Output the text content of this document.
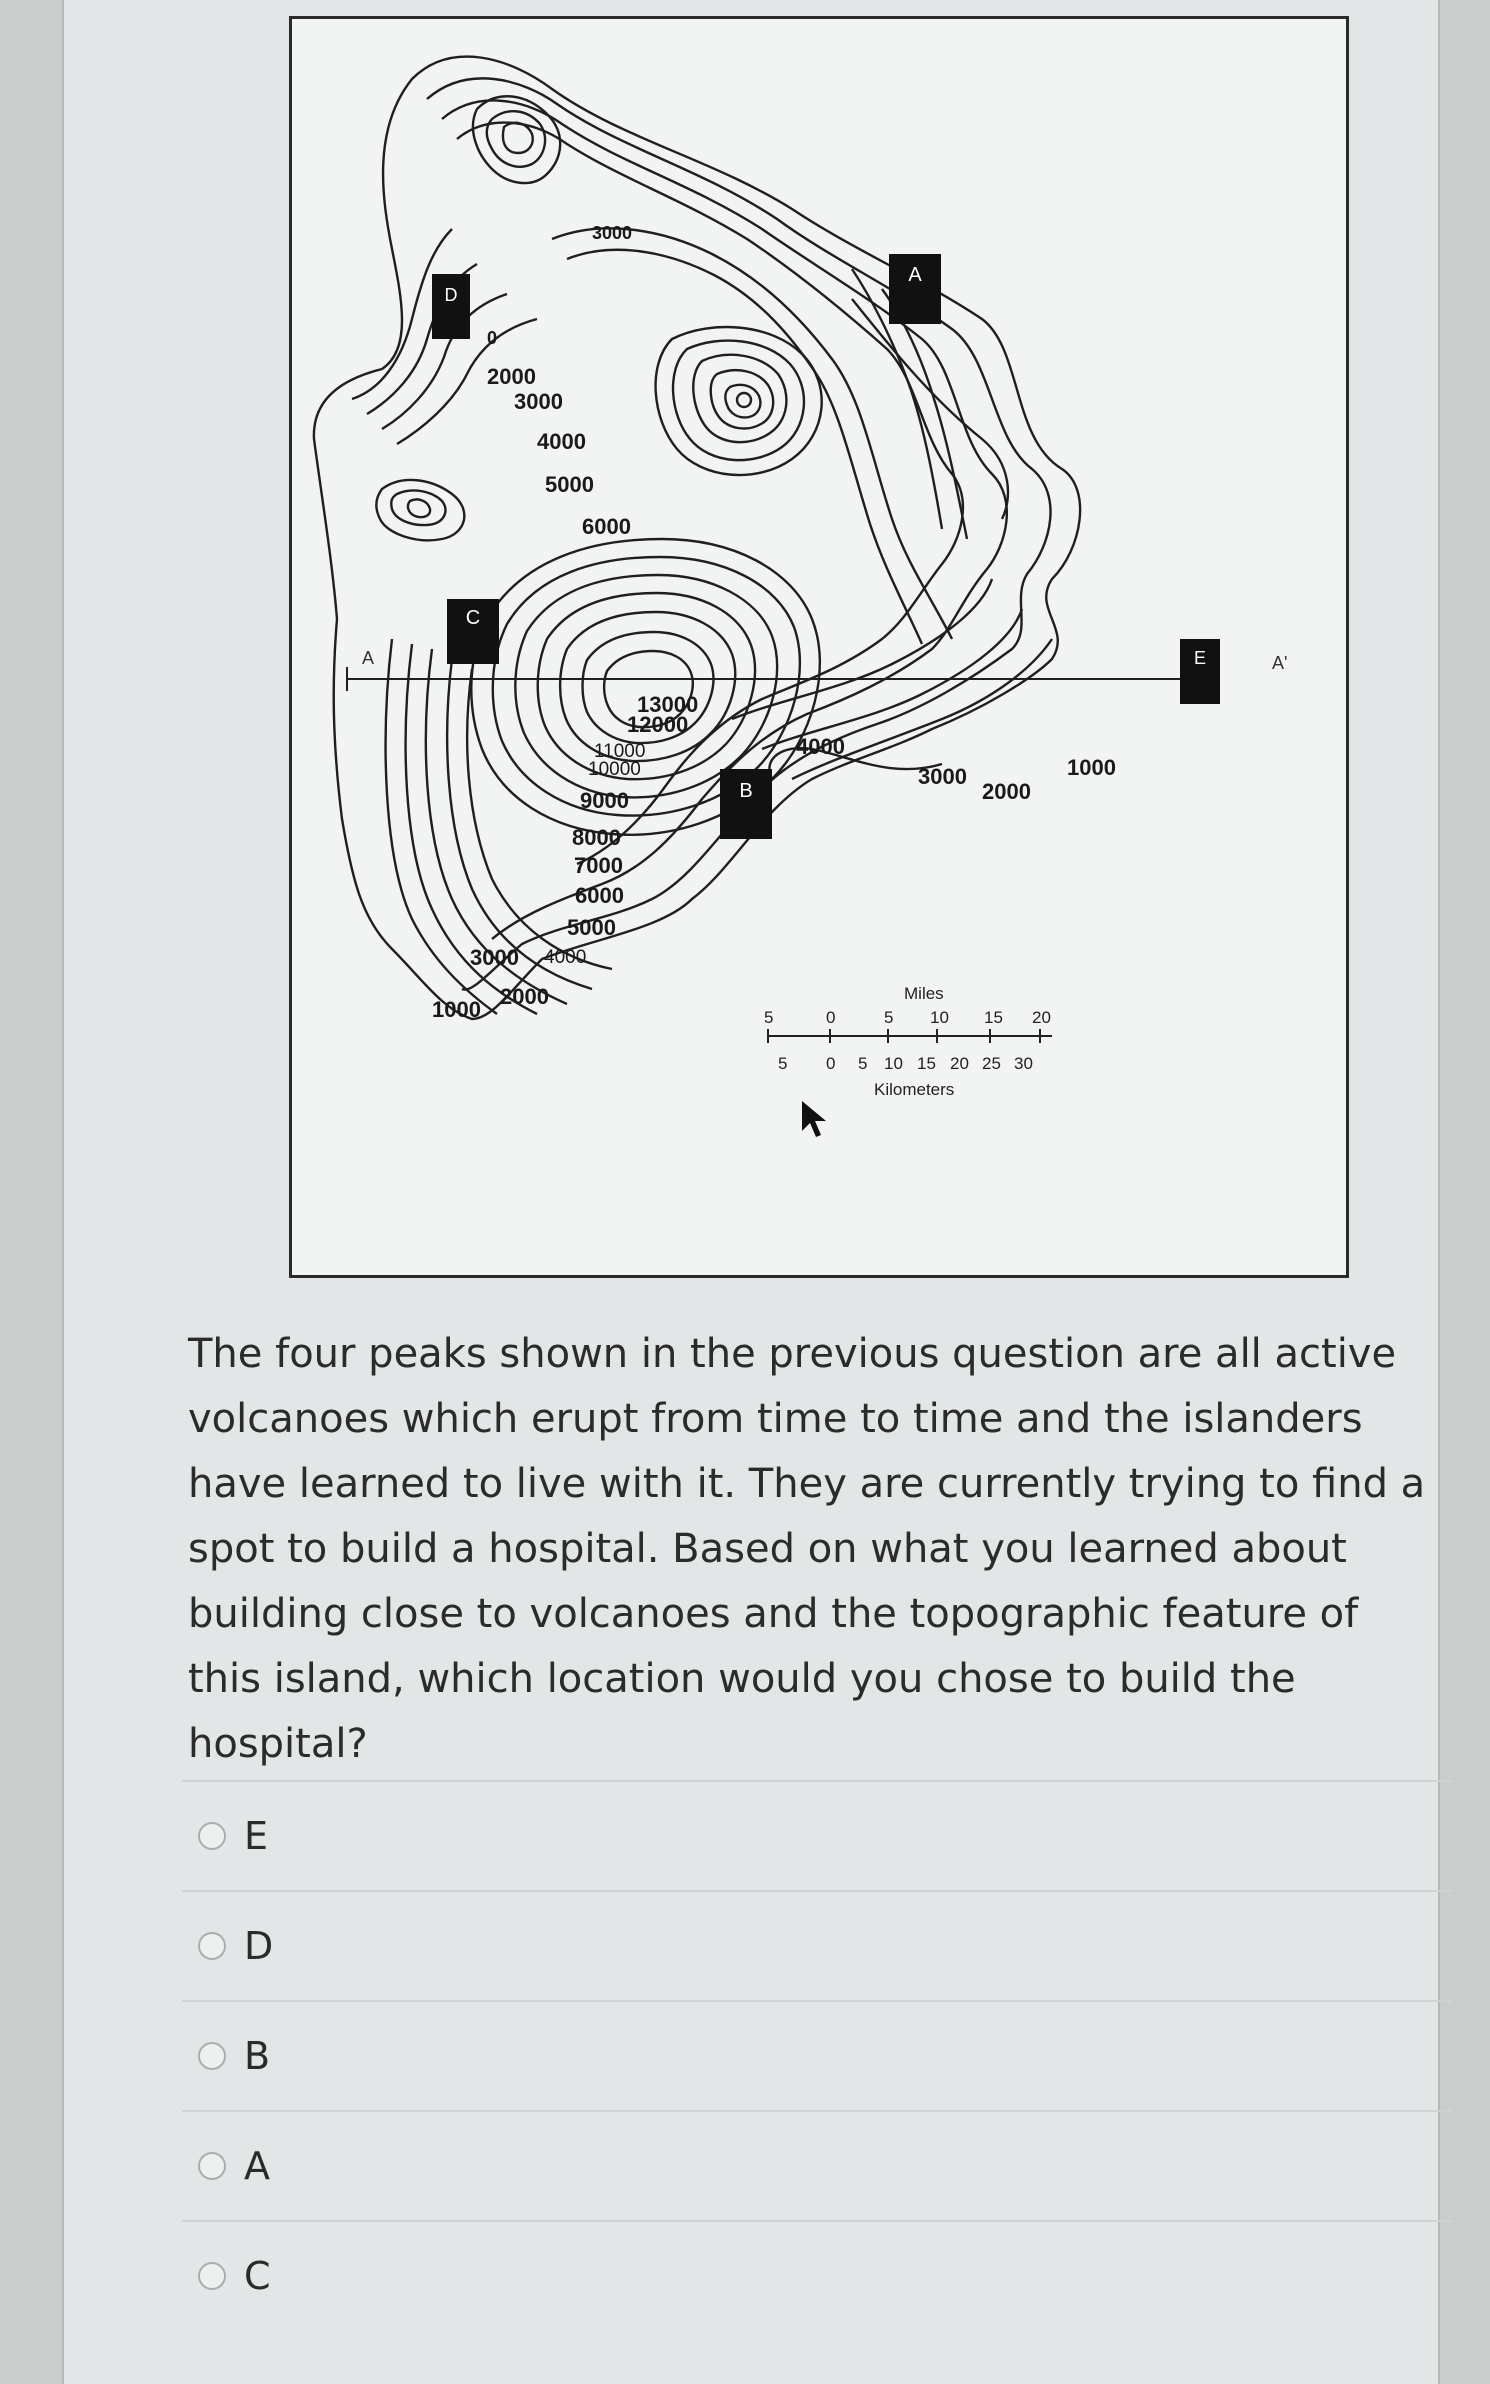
A
B
C
D
E
A	A'
3000
0
2000
3000
4000
5000
6000
13000
12000
11000
10000
9000
8000
7000
6000
5000
3000 4000
1000
2000
4000
3000
2000
1000
Miles
5	0	5 10 15 20
5 0 5 10 15 20 25 30
Kilometers

The four peaks shown in the previous question are all active volcanoes which erupt from time to time and the islanders have learned to live with it. They are currently trying to find a spot to build a hospital. Based on what you learned about building close to volcanoes and the topographic feature of this island, which location would you chose to build the hospital?

E
D
B
A
C
